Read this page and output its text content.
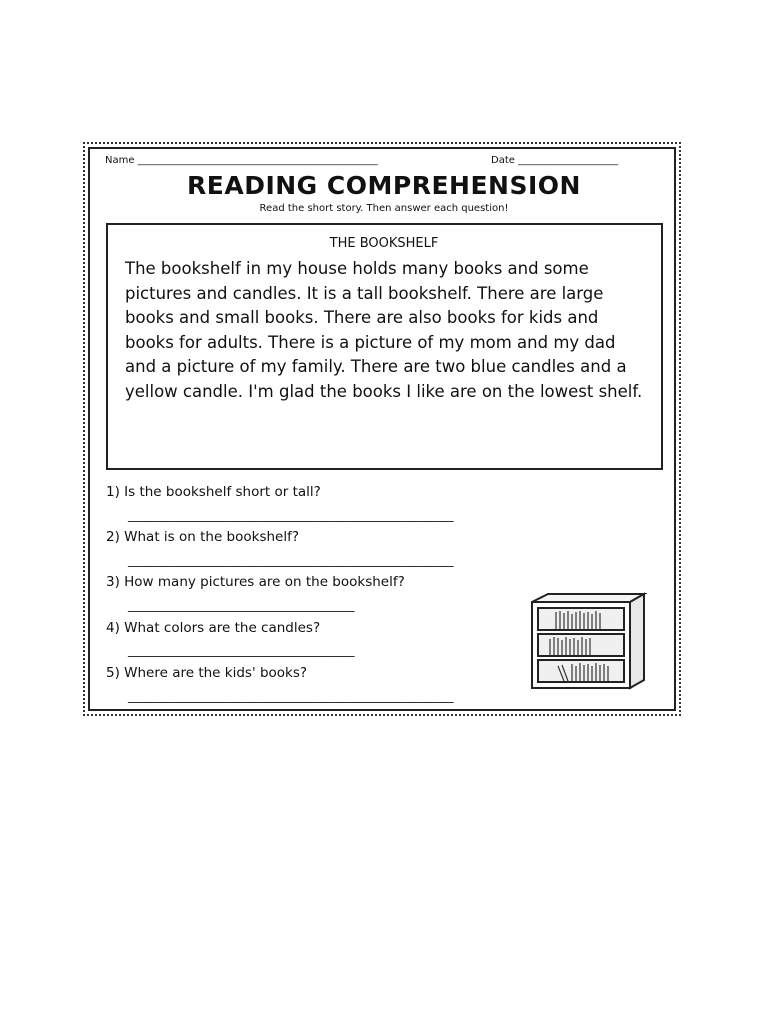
Name ________________________________________________	Date ____________________
READING COMPREHENSION
Read the short story. Then answer each question!
THE BOOKSHELF
The bookshelf in my house holds many books and some pictures and candles. It is a tall bookshelf. There are large books and small books. There are also books for kids and books for adults. There is a picture of my mom and my dad and a picture of my family. There are two blue candles and a yellow candle. I'm glad the books I like are on the lowest shelf.
1) Is the bookshelf short or tall?
___________________________________________________________
2) What is on the bookshelf?
___________________________________________________________
3) How many pictures are on the bookshelf?
_________________________________________
4) What colors are the candles?
_________________________________________
5) Where are the kids' books?
___________________________________________________________
